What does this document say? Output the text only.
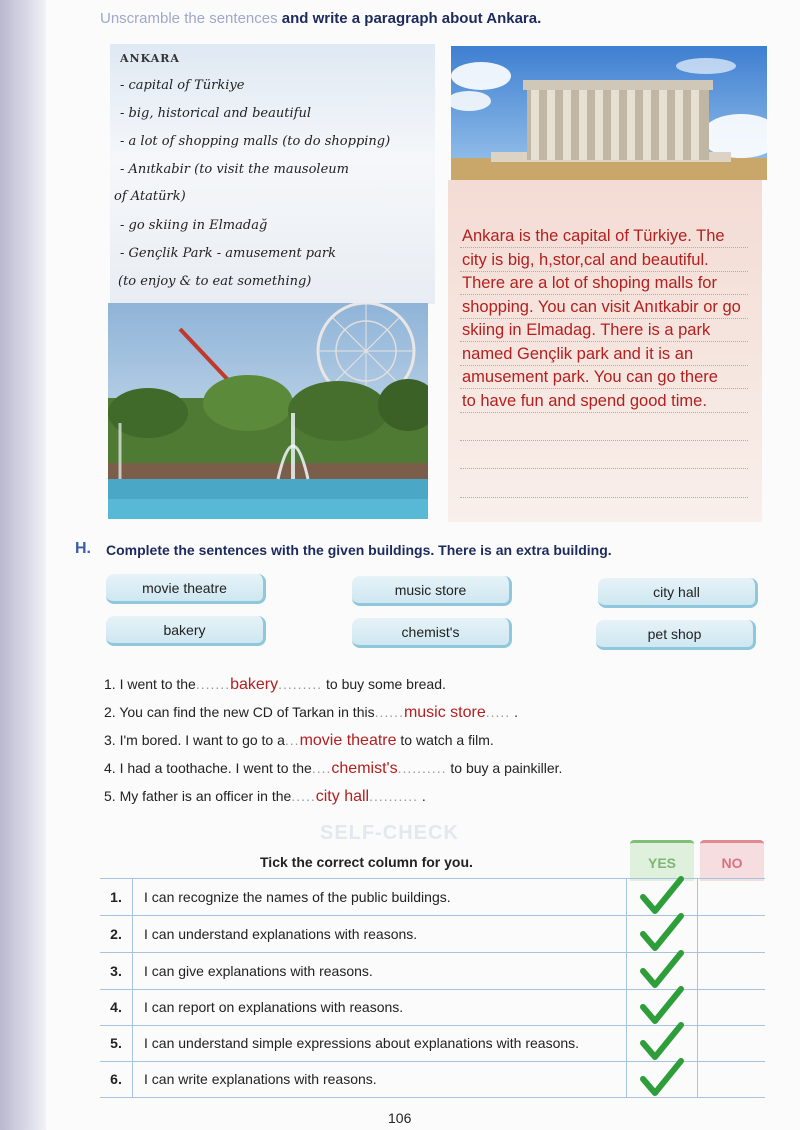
Unscramble the sentences and write a paragraph about Ankara.
ANKARA
- capital of Türkiye
- big, historical and beautiful
- a lot of shopping malls (to do shopping)
- Anıtkabir (to visit the mausoleum
of Atatürk)
- go skiing in Elmadağ
- Gençlik Park - amusement park
(to enjoy & to eat something)
Ankara is the capital of Türkiye. The
city is big, h,stor,cal and beautiful.
There are a lot of shoping malls for
shopping. You can visit Anıtkabir or go
skiing in Elmadag. There is a park
named Gençlik park and it is an
amusement park. You can go there
to have fun and spend good time.
H. Complete the sentences with the given buildings. There is an extra building.
movie theatre	music store	city hall
bakery	chemist's	pet shop
1. I went to the.......bakery......... to buy some bread.
2. You can find the new CD of Tarkan in this......music store..... .
3. I'm bored. I want to go to a...movie theatre to watch a film.
4. I had a toothache. I went to the....chemist's.......... to buy a painkiller.
5. My father is an officer in the.....city hall.......... .
SELF-CHECK
Tick the correct column for you.	YES	NO
1.	I can recognize the names of the public buildings.
2.	I can understand explanations with reasons.
3.	I can give explanations with reasons.
4.	I can report on explanations with reasons.
5.	I can understand simple expressions about explanations with reasons.
6.	I can write explanations with reasons.
106
